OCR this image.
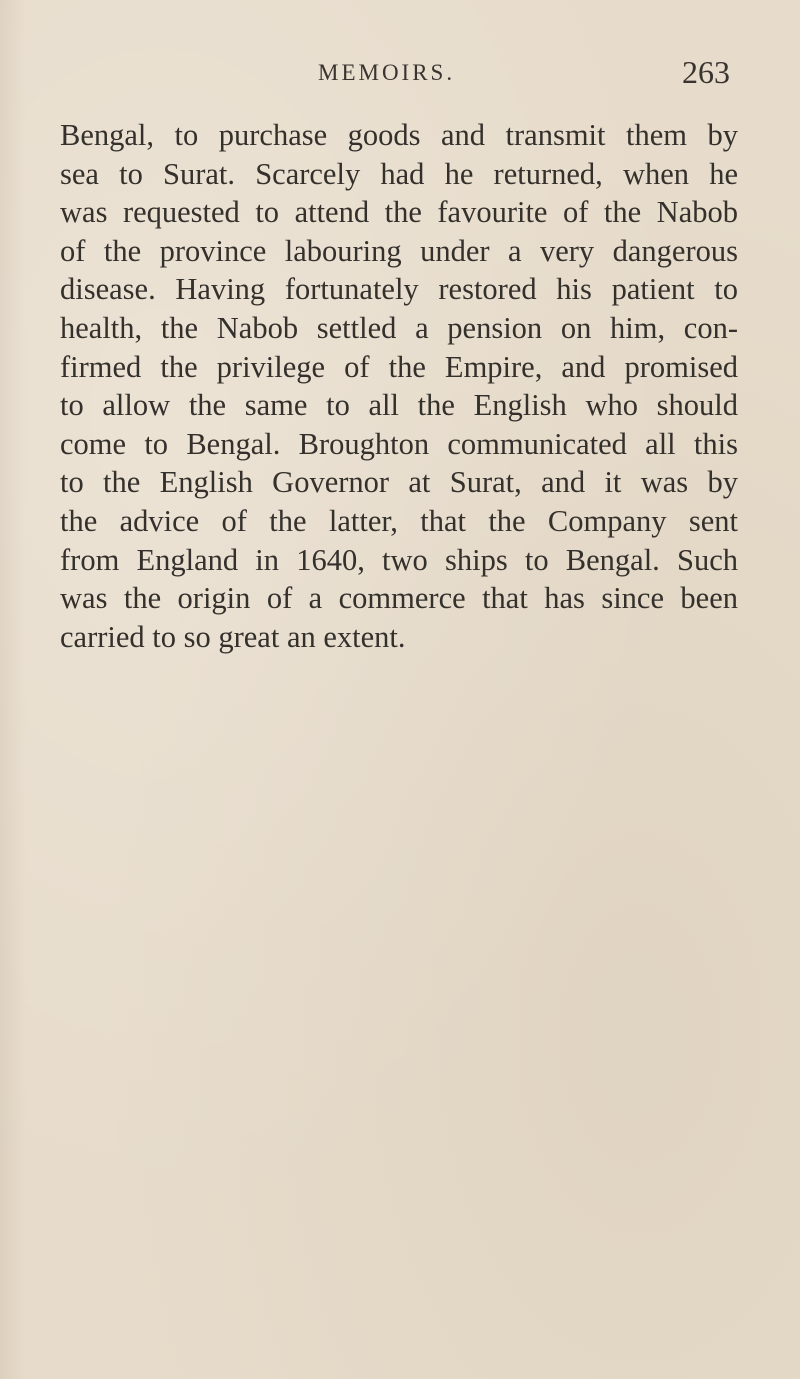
MEMOIRS.	263
Bengal, to purchase goods and transmit them by
sea to Surat. Scarcely had he returned, when he
was requested to attend the favourite of the Nabob
of the province labouring under a very dangerous
disease. Having fortunately restored his patient to
health, the Nabob settled a pension on him, con-
firmed the privilege of the Empire, and promised
to allow the same to all the English who should
come to Bengal. Broughton communicated all this
to the English Governor at Surat, and it was by
the advice of the latter, that the Company sent
from England in 1640, two ships to Bengal. Such
was the origin of a commerce that has since been
carried to so great an extent.
